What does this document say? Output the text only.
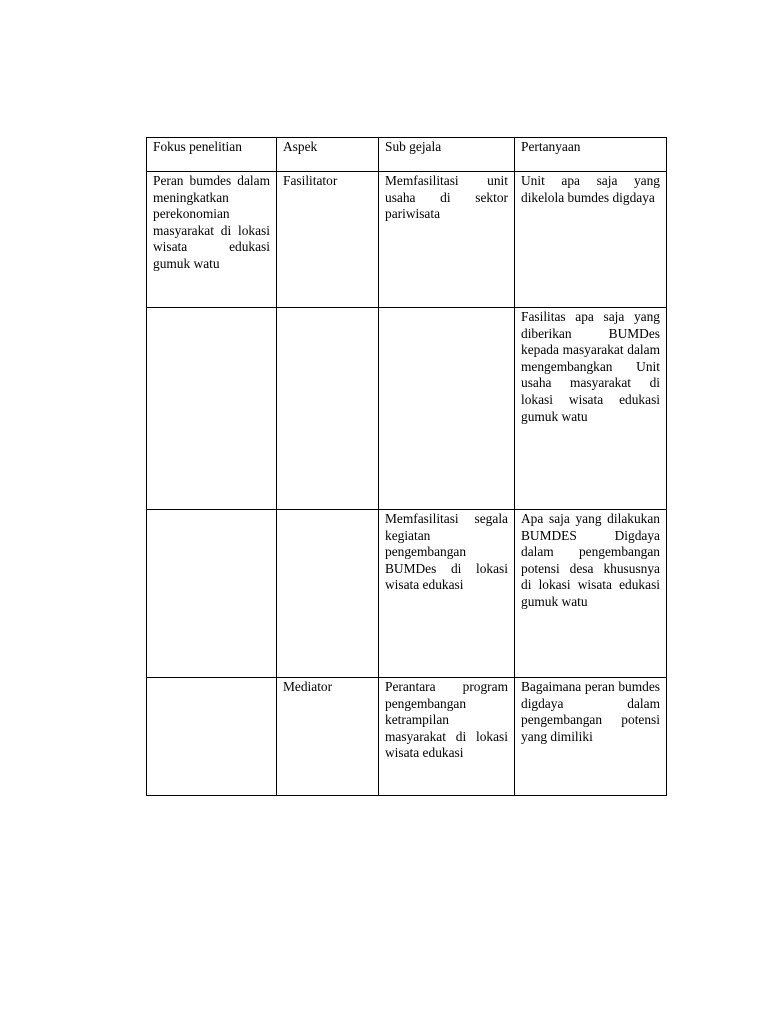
Fokus penelitian	Aspek	Sub gejala	Pertanyaan
Peran bumdes dalam meningkatkan perekonomian masyarakat di lokasi wisata edukasi gumuk watu	Fasilitator	Memfasilitasi unit usaha di sektor pariwisata	Unit apa saja yang dikelola bumdes digdaya
			Fasilitas apa saja yang diberikan BUMDes kepada masyarakat dalam mengembangkan Unit usaha masyarakat di lokasi wisata edukasi gumuk watu
		Memfasilitasi segala kegiatan pengembangan BUMDes di lokasi wisata edukasi	Apa saja yang dilakukan BUMDES Digdaya dalam pengembangan potensi desa khususnya di lokasi wisata edukasi gumuk watu
	Mediator	Perantara program pengembangan ketrampilan masyarakat di lokasi wisata edukasi	Bagaimana peran bumdes digdaya dalam pengembangan potensi yang dimiliki
